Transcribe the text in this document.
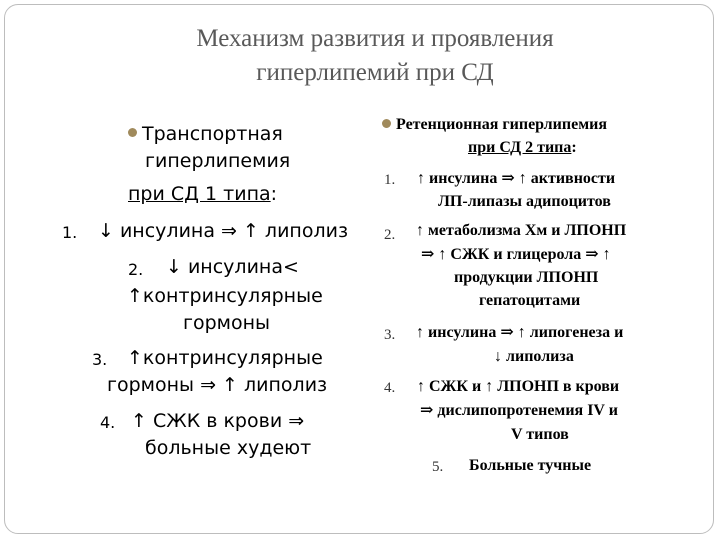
Механизм развития и проявления
гиперлипемий при СД
Транспортная
гиперлипемия
при СД 1 типа:
1. ↓ инсулина ⇒ ↑ липолиз
2. ↓ инсулина<
↑контринсулярные
гормоны
3. ↑контринсулярные
гормоны ⇒ ↑ липолиз
4. ↑ СЖК в крови ⇒
больные худеют
Ретенционная гиперлипемия
при СД 2 типа:
1. ↑ инсулина ⇒ ↑ активности
ЛП-липазы адипоцитов
2. ↑ метаболизма Хм и ЛПОНП
⇒ ↑ СЖК и глицерола ⇒ ↑
продукции ЛПОНП
гепатоцитами
3. ↑ инсулина ⇒ ↑ липогенеза и
↓ липолиза
4. ↑ СЖК и ↑ ЛПОНП в крови
⇒ дислипопротенемия IV и
V типов
5. Больные тучные
